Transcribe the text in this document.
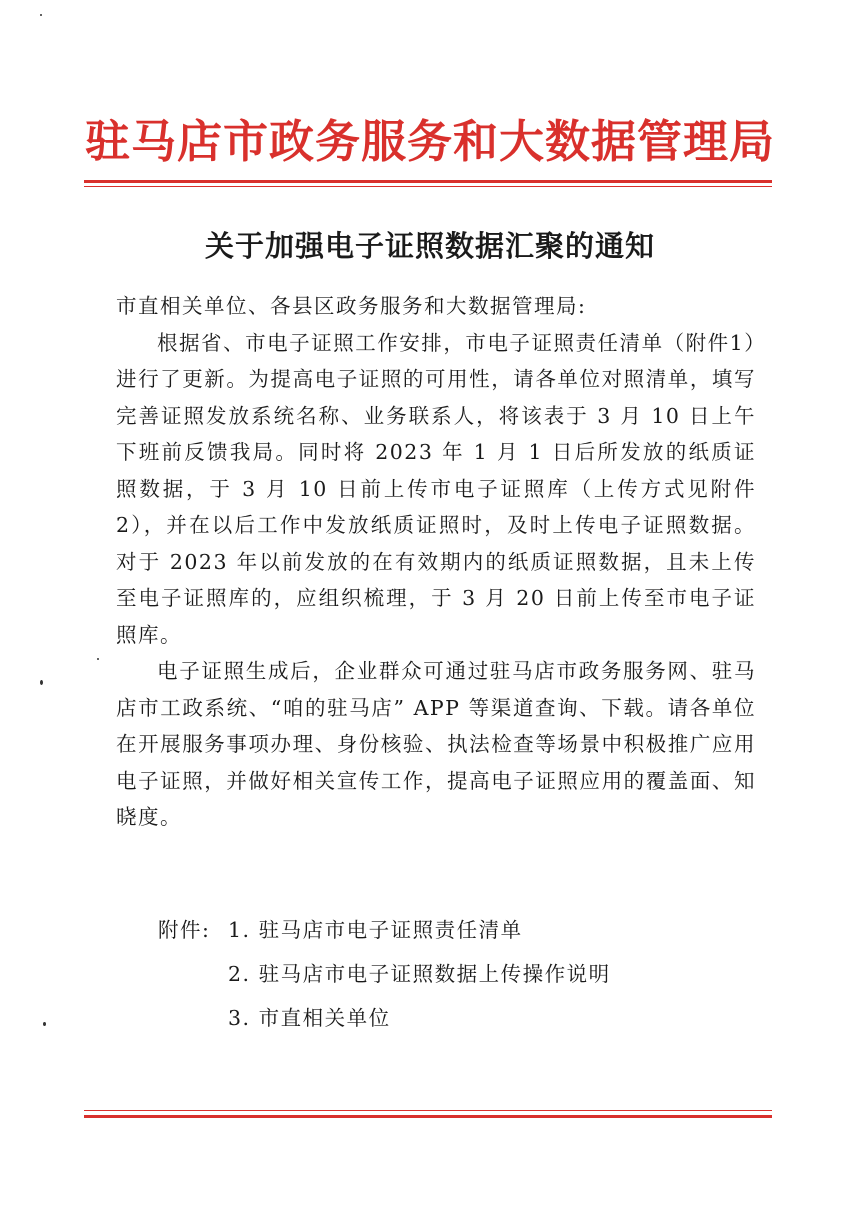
驻马店市政务服务和大数据管理局
关于加强电子证照数据汇聚的通知

市直相关单位、各县区政务服务和大数据管理局:

根据省、市电子证照工作安排，市电子证照责任清单（附件1）进行了更新。为提高电子证照的可用性，请各单位对照清单，填写完善证照发放系统名称、业务联系人，将该表于 3 月 10 日上午下班前反馈我局。同时将 2023 年 1 月 1 日后所发放的纸质证照数据，于 3 月 10 日前上传市电子证照库（上传方式见附件 2），并在以后工作中发放纸质证照时，及时上传电子证照数据。对于 2023 年以前发放的在有效期内的纸质证照数据，且未上传至电子证照库的，应组织梳理，于 3 月 20 日前上传至市电子证照库。

电子证照生成后，企业群众可通过驻马店市政务服务网、驻马店市工政系统、“咱的驻马店” APP 等渠道查询、下载。请各单位在开展服务事项办理、身份核验、执法检查等场景中积极推广应用电子证照，并做好相关宣传工作，提高电子证照应用的覆盖面、知晓度。

附件: 1. 驻马店市电子证照责任清单
2. 驻马店市电子证照数据上传操作说明
3. 市直相关单位
